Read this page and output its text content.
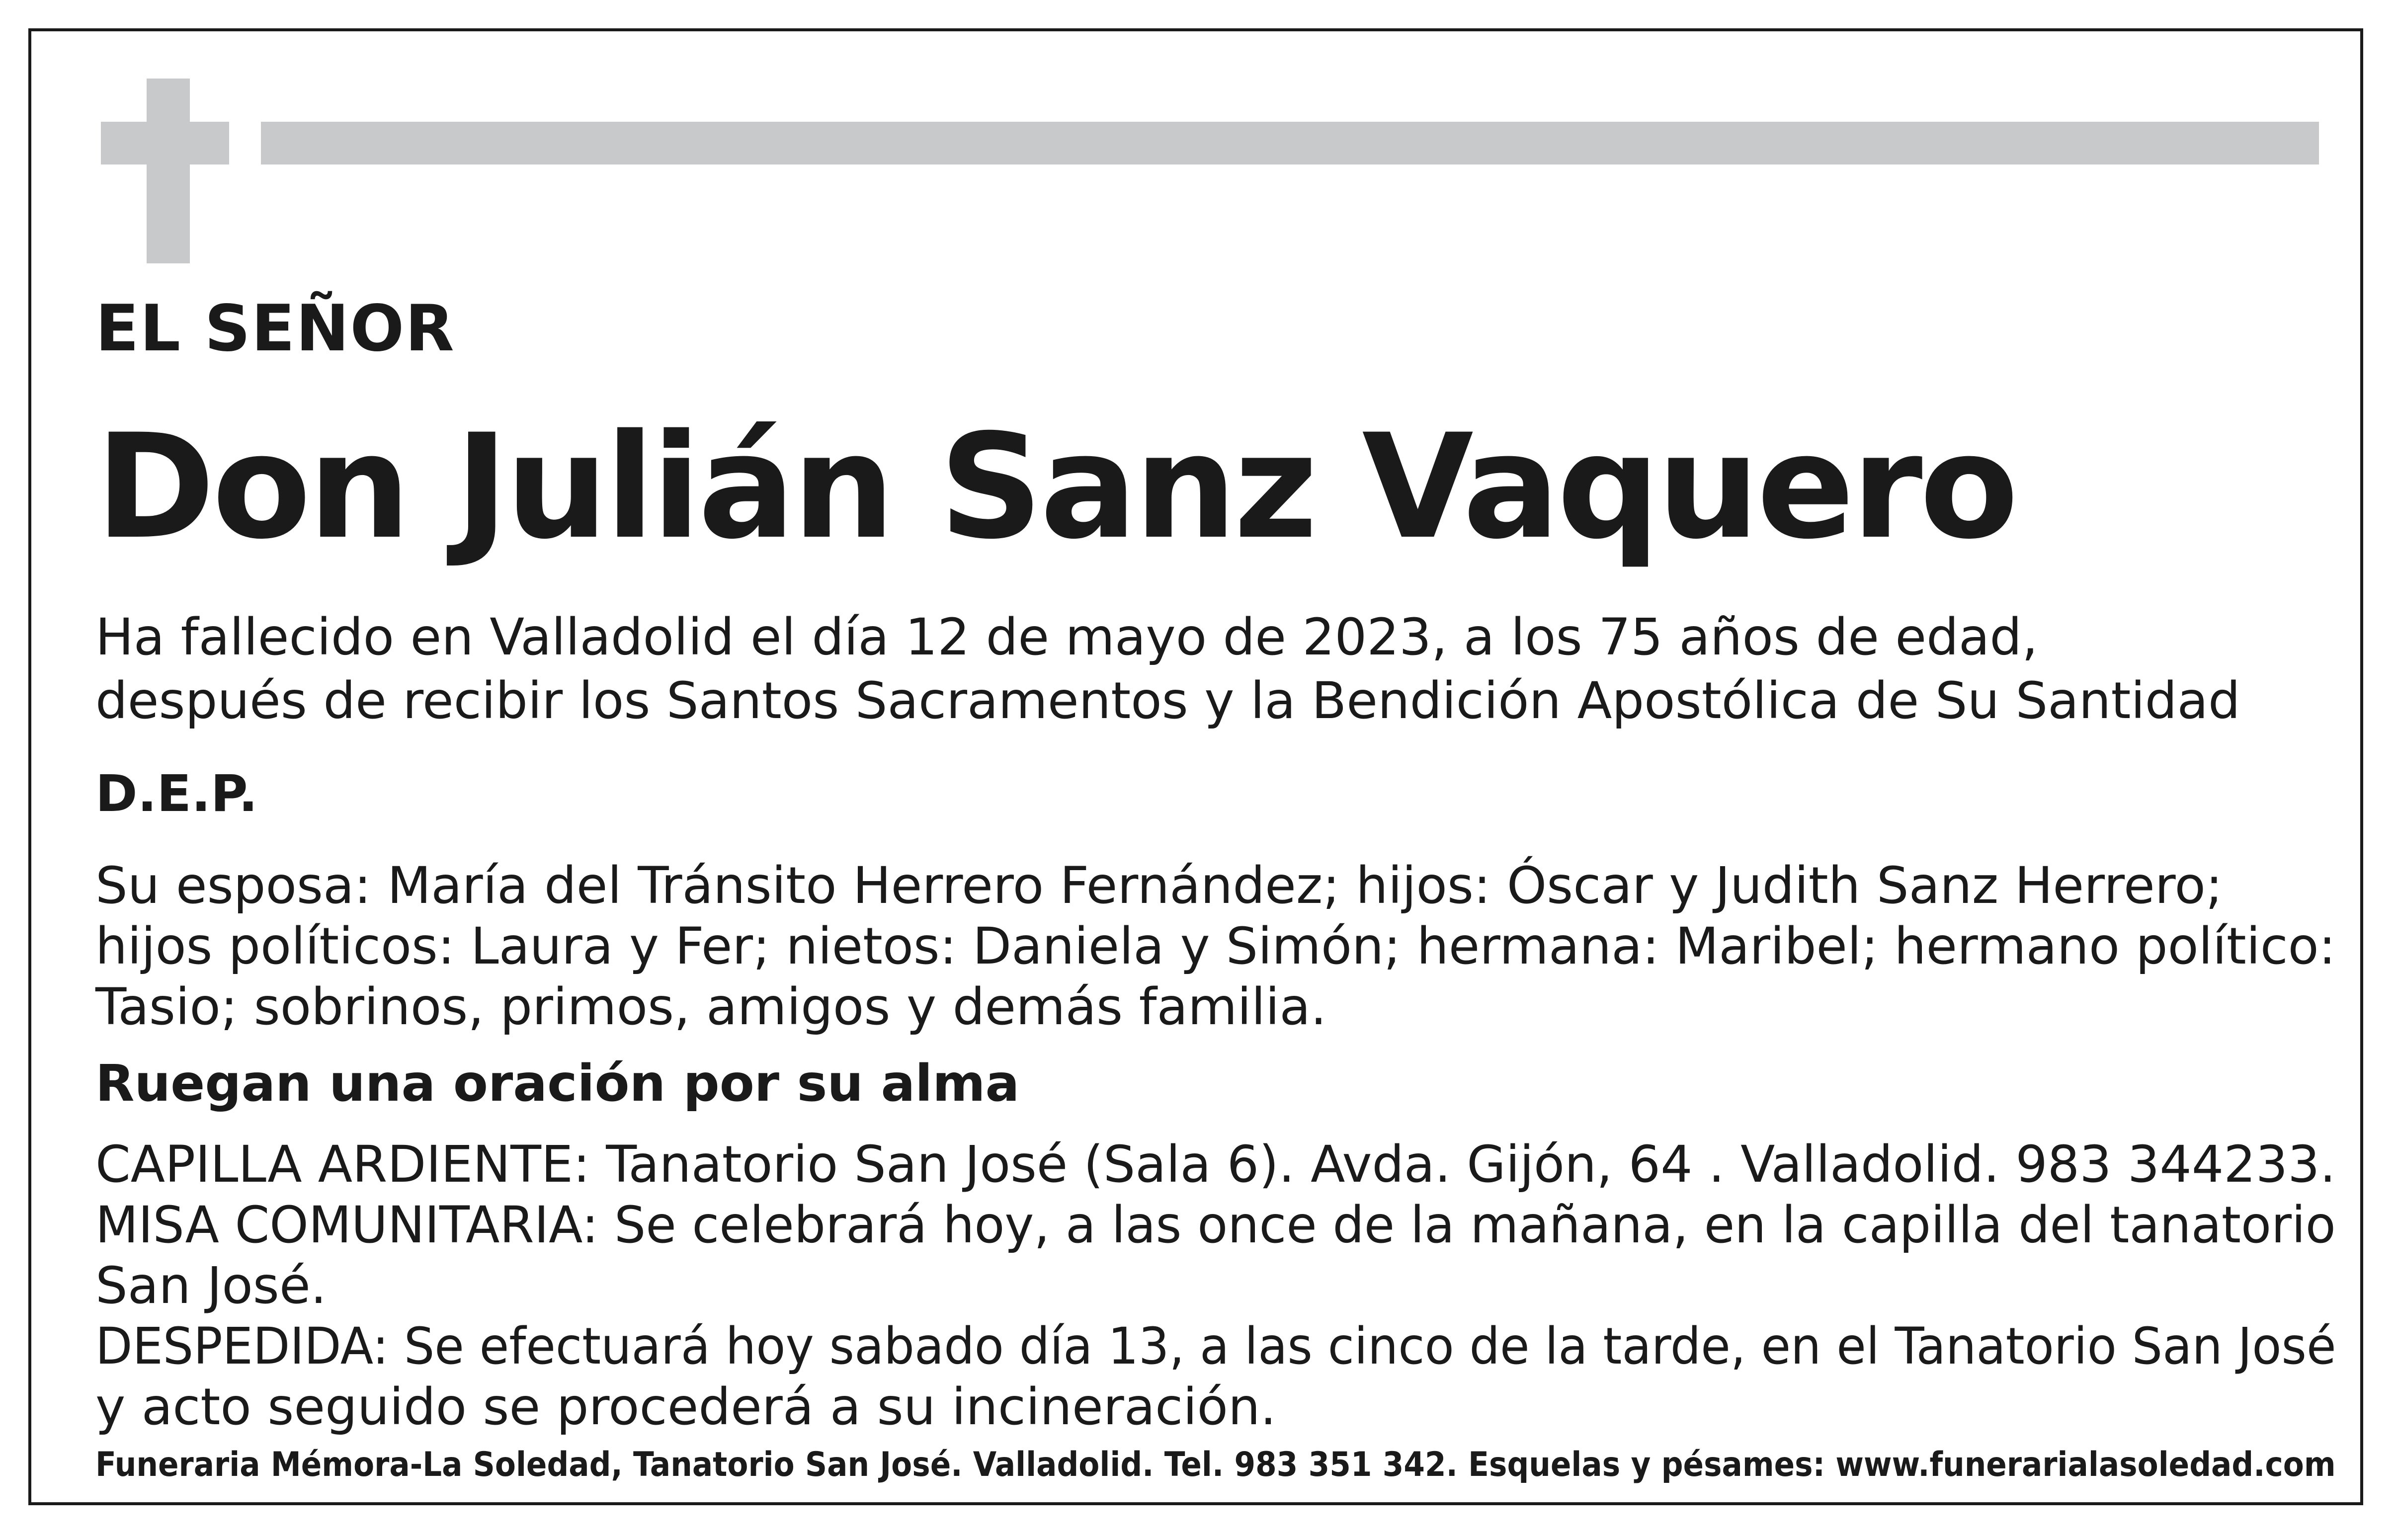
EL SEÑOR

Don Julián Sanz Vaquero

Ha fallecido en Valladolid el día 12 de mayo de 2023, a los 75 años de edad,

después de recibir los Santos Sacramentos y la Bendición Apostólica de Su Santidad

D.E.P.

Su esposa: María del Tránsito Herrero Fernández; hijos: Óscar y Judith Sanz Herrero;

hijos políticos: Laura y Fer; nietos: Daniela y Simón; hermana: Maribel; hermano político:

Tasio; sobrinos, primos, amigos y demás familia.

Ruegan una oración por su alma

CAPILLA ARDIENTE: Tanatorio San José (Sala 6). Avda. Gijón, 64 . Valladolid. 983 344233.

MISA COMUNITARIA: Se celebrará hoy, a las once de la mañana, en la capilla del tanatorio

San José.

DESPEDIDA: Se efectuará hoy sabado día 13, a las cinco de la tarde, en el Tanatorio San José

y acto seguido se procederá a su incineración.

Funeraria Mémora-La Soledad, Tanatorio San José. Valladolid. Tel. 983 351 342. Esquelas y pésames: www.funerarialasoledad.com
